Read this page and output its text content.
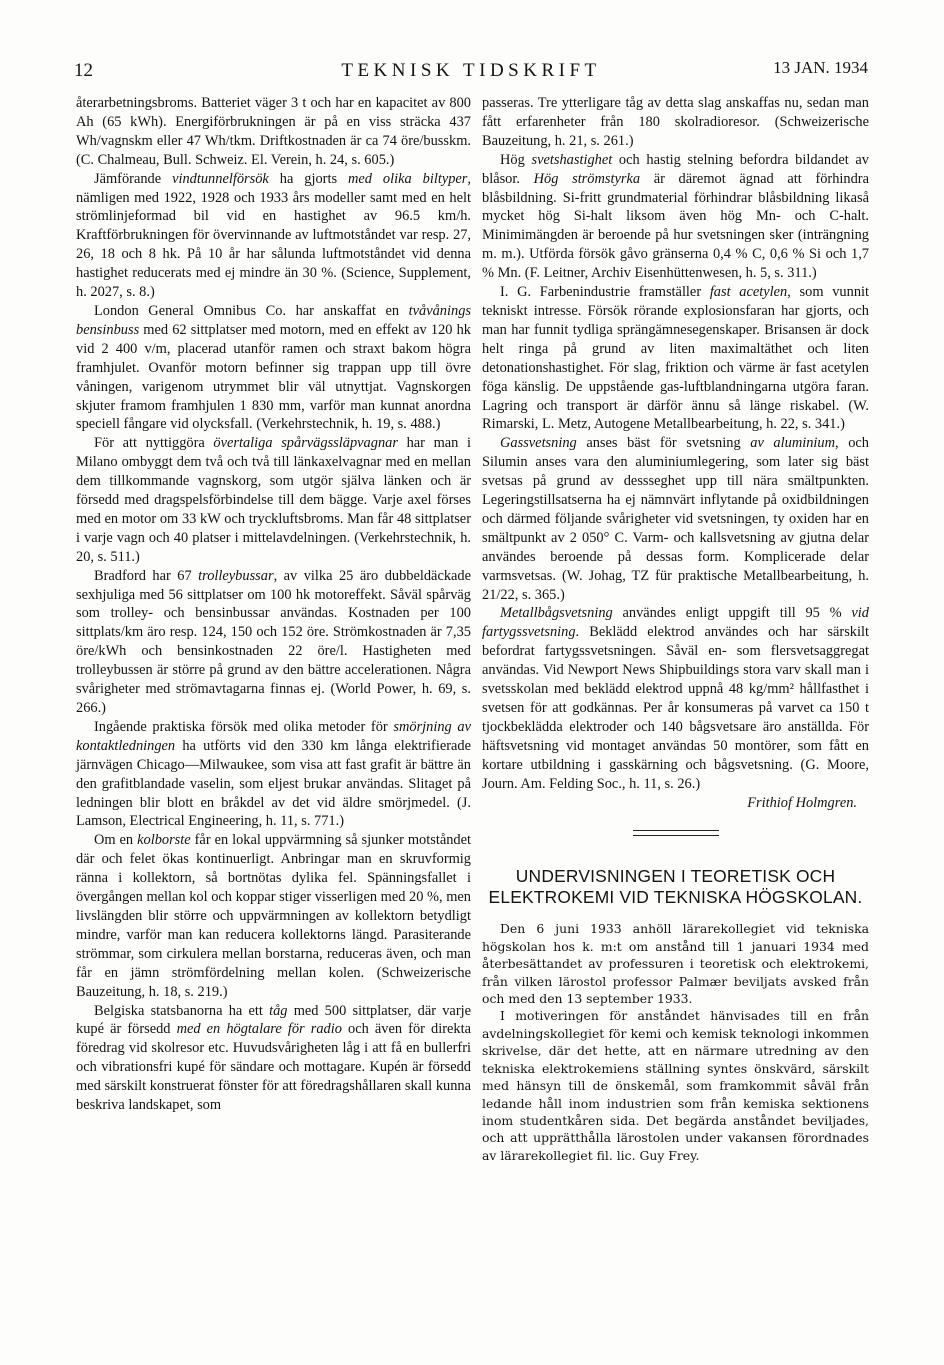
12	TEKNISK TIDSKRIFT	13 JAN. 1934

återarbetningsbroms. Batteriet väger 3 t och har en kapacitet av 800 Ah (65 kWh). Energiförbrukningen är på en viss sträcka 437 Wh/vagnskm eller 47 Wh/tkm. Driftkostnaden är ca 74 öre/busskm. (C. Chalmeau, Bull. Schweiz. El. Verein, h. 24, s. 605.)

Jämförande vindtunnelförsök ha gjorts med olika biltyper, nämligen med 1922, 1928 och 1933 års modeller samt med en helt strömlinjeformad bil vid en hastighet av 96.5 km/h. Kraftförbrukningen för övervinnande av luftmotståndet var resp. 27, 26, 18 och 8 hk. På 10 år har sålunda luftmotståndet vid denna hastighet reducerats med ej mindre än 30 %. (Science, Supplement, h. 2027, s. 8.)

London General Omnibus Co. har anskaffat en tvåvånings bensinbuss med 62 sittplatser med motorn, med en effekt av 120 hk vid 2 400 v/m, placerad utanför ramen och straxt bakom högra framhjulet. Ovanför motorn befinner sig trappan upp till övre våningen, varigenom utrymmet blir väl utnyttjat. Vagnskorgen skjuter framom framhjulen 1 830 mm, varför man kunnat anordna speciell fångare vid olycksfall. (Verkehrstechnik, h. 19, s. 488.)

För att nyttiggöra övertaliga spårvägssläpvagnar har man i Milano ombyggt dem två och två till länkaxelvagnar med en mellan dem tillkommande vagnskorg, som utgör själva länken och är försedd med dragspelsförbindelse till dem bägge. Varje axel förses med en motor om 33 kW och tryckluftsbroms. Man får 48 sittplatser i varje vagn och 40 platser i mittelavdelningen. (Verkehrstechnik, h. 20, s. 511.)

Bradford har 67 trolleybussar, av vilka 25 äro dubbeldäckade sexhjuliga med 56 sittplatser om 100 hk motoreffekt. Såväl spårväg som trolley- och bensinbussar användas. Kostnaden per 100 sittplats/km äro resp. 124, 150 och 152 öre. Strömkostnaden är 7,35 öre/kWh och bensinkostnaden 22 öre/l. Hastigheten med trolleybussen är större på grund av den bättre accelerationen. Några svårigheter med strömavtagarna finnas ej. (World Power, h. 69, s. 266.)

Ingående praktiska försök med olika metoder för smörjning av kontaktledningen ha utförts vid den 330 km långa elektrifierade järnvägen Chicago—Milwaukee, som visa att fast grafit är bättre än den grafitblandade vaselin, som eljest brukar användas. Slitaget på ledningen blir blott en bråkdel av det vid äldre smörjmedel. (J. Lamson, Electrical Engineering, h. 11, s. 771.)

Om en kolborste får en lokal uppvärmning så sjunker motståndet där och felet ökas kontinuerligt. Anbringar man en skruvformig ränna i kollektorn, så bortnötas dylika fel. Spänningsfallet i övergången mellan kol och koppar stiger visserligen med 20 %, men livslängden blir större och uppvärmningen av kollektorn betydligt mindre, varför man kan reducera kollektorns längd. Parasiterande strömmar, som cirkulera mellan borstarna, reduceras även, och man får en jämn strömfördelning mellan kolen. (Schweizerische Bauzeitung, h. 18, s. 219.)

Belgiska statsbanorna ha ett tåg med 500 sittplatser, där varje kupé är försedd med en högtalare för radio och även för direkta föredrag vid skolresor etc. Huvudsvårigheten låg i att få en bullerfri och vibrationsfri kupé för sändare och mottagare. Kupén är försedd med särskilt konstruerat fönster för att föredragshållaren skall kunna beskriva landskapet, som

passeras. Tre ytterligare tåg av detta slag anskaffas nu, sedan man fått erfarenheter från 180 skolradioresor. (Schweizerische Bauzeitung, h. 21, s. 261.)

Hög svetshastighet och hastig stelning befordra bildandet av blåsor. Hög strömstyrka är däremot ägnad att förhindra blåsbildning. Si-fritt grundmaterial förhindrar blåsbildning likaså mycket hög Si-halt liksom även hög Mn- och C-halt. Minimimängden är beroende på hur svetsningen sker (inträngning m. m.). Utförda försök gåvo gränserna 0,4 % C, 0,6 % Si och 1,7 % Mn. (F. Leitner, Archiv Eisenhüttenwesen, h. 5, s. 311.)

I. G. Farbenindustrie framställer fast acetylen, som vunnit tekniskt intresse. Försök rörande explosionsfaran har gjorts, och man har funnit tydliga sprängämnesegenskaper. Brisansen är dock helt ringa på grund av liten maximaltäthet och liten detonationshastighet. För slag, friktion och värme är fast acetylen föga känslig. De uppstående gas-luftblandningarna utgöra faran. Lagring och transport är därför ännu så länge riskabel. (W. Rimarski, L. Metz, Autogene Metallbearbeitung, h. 22, s. 341.)

Gassvetsning anses bäst för svetsning av aluminium, och Silumin anses vara den aluminiumlegering, som later sig bäst svetsas på grund av dessseghet upp till nära smältpunkten. Legeringstillsatserna ha ej nämnvärt inflytande på oxidbildningen och därmed följande svårigheter vid svetsningen, ty oxiden har en smältpunkt av 2 050° C. Varm- och kallsvetsning av gjutna delar användes beroende på dessas form. Komplicerade delar varmsvetsas. (W. Johag, TZ für praktische Metallbearbeitung, h. 21/22, s. 365.)

Metallbågsvetsning användes enligt uppgift till 95 % vid fartygssvetsning. Beklädd elektrod användes och har särskilt befordrat fartygssvetsningen. Såväl en- som flersvetsaggregat användas. Vid Newport News Shipbuildings stora varv skall man i svetsskolan med beklädd elektrod uppnå 48 kg/mm² hållfasthet i svetsen för att godkännas. Per år konsumeras på varvet ca 150 t tjockbeklädda elektroder och 140 bågsvetsare äro anställda. För häftsvetsning vid montaget användas 50 montörer, som fått en kortare utbildning i gasskärning och bågsvetsning. (G. Moore, Journ. Am. Felding Soc., h. 11, s. 26.)

Frithiof Holmgren.

UNDERVISNINGEN I TEORETISK OCH ELEKTROKEMI VID TEKNISKA HÖGSKOLAN.

Den 6 juni 1933 anhöll lärarekollegiet vid tekniska högskolan hos k. m:t om anstånd till 1 januari 1934 med återbesättandet av professuren i teoretisk och elektrokemi, från vilken lärostol professor Palmær beviljats avsked från och med den 13 september 1933.

I motiveringen för anståndet hänvisades till en från avdelningskollegiet för kemi och kemisk teknologi inkommen skrivelse, där det hette, att en närmare utredning av den tekniska elektrokemiens ställning syntes önskvärd, särskilt med hänsyn till de önskemål, som framkommit såväl från ledande håll inom industrien som från kemiska sektionens inom studentkåren sida. Det begärda anståndet beviljades, och att upprätthålla lärostolen under vakansen förordnades av lärarekollegiet fil. lic. Guy Frey.
